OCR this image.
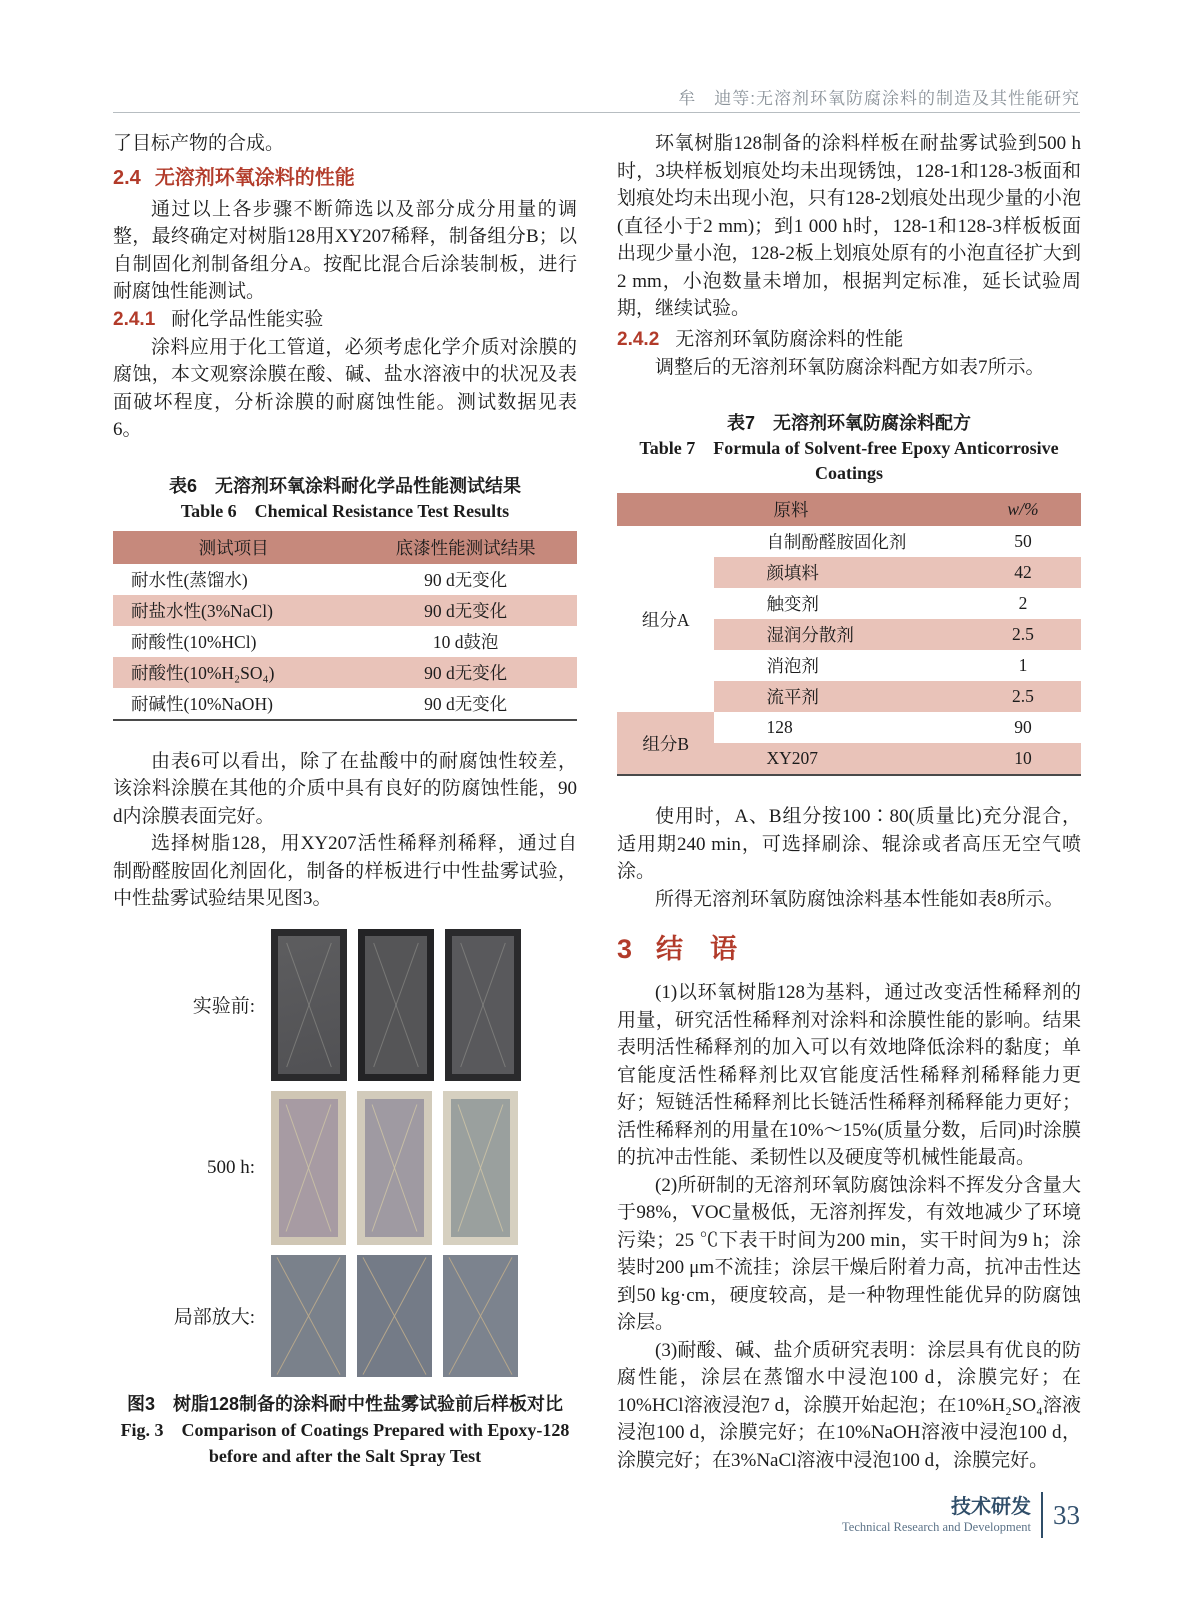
牟　迪等:无溶剂环氧防腐涂料的制造及其性能研究

了目标产物的合成。

2.4 无溶剂环氧涂料的性能

通过以上各步骤不断筛选以及部分成分用量的调整，最终确定对树脂128用XY207稀释，制备组分B；以自制固化剂制备组分A。按配比混合后涂装制板，进行耐腐蚀性能测试。

2.4.1 耐化学品性能实验

涂料应用于化工管道，必须考虑化学介质对涂膜的腐蚀，本文观察涂膜在酸、碱、盐水溶液中的状况及表面破坏程度，分析涂膜的耐腐蚀性能。测试数据见表6。

表6　无溶剂环氧涂料耐化学品性能测试结果
Table 6　Chemical Resistance Test Results
测试项目	底漆性能测试结果
耐水性(蒸馏水)	90 d无变化
耐盐水性(3%NaCl)	90 d无变化
耐酸性(10%HCl)	10 d鼓泡
耐酸性(10%H₂SO₄)	90 d无变化
耐碱性(10%NaOH)	90 d无变化

由表6可以看出，除了在盐酸中的耐腐蚀性较差，该涂料涂膜在其他的介质中具有良好的防腐蚀性能，90 d内涂膜表面完好。

选择树脂128，用XY207活性稀释剂稀释，通过自制酚醛胺固化剂固化，制备的样板进行中性盐雾试验，中性盐雾试验结果见图3。

实验前:
500 h:
局部放大:
图3　树脂128制备的涂料耐中性盐雾试验前后样板对比
Fig. 3　Comparison of Coatings Prepared with Epoxy-128
before and after the Salt Spray Test

环氧树脂128制备的涂料样板在耐盐雾试验到500 h时，3块样板划痕处均未出现锈蚀，128-1和128-3板面和划痕处均未出现小泡，只有128-2划痕处出现少量的小泡(直径小于2 mm)；到1 000 h时，128-1和128-3样板板面出现少量小泡，128-2板上划痕处原有的小泡直径扩大到2 mm，小泡数量未增加，根据判定标准，延长试验周期，继续试验。

2.4.2 无溶剂环氧防腐涂料的性能

调整后的无溶剂环氧防腐涂料配方如表7所示。

表7　无溶剂环氧防腐涂料配方
Table 7　Formula of Solvent-free Epoxy Anticorrosive
Coatings
原料		w/%
组分A	自制酚醛胺固化剂	50
	颜填料	42
	触变剂	2
	湿润分散剂	2.5
	消泡剂	1
	流平剂	2.5
组分B	128	90
	XY207	10

使用时，A、B组分按100∶80(质量比)充分混合，适用期240 min，可选择刷涂、辊涂或者高压无空气喷涂。

所得无溶剂环氧防腐蚀涂料基本性能如表8所示。

3 结　语

(1)以环氧树脂128为基料，通过改变活性稀释剂的用量，研究活性稀释剂对涂料和涂膜性能的影响。结果表明活性稀释剂的加入可以有效地降低涂料的黏度；单官能度活性稀释剂比双官能度活性稀释剂稀释能力更好；短链活性稀释剂比长链活性稀释剂稀释能力更好；活性稀释剂的用量在10%～15%(质量分数，后同)时涂膜的抗冲击性能、柔韧性以及硬度等机械性能最高。

(2)所研制的无溶剂环氧防腐蚀涂料不挥发分含量大于98%，VOC量极低，无溶剂挥发，有效地减少了环境污染；25 ℃下表干时间为200 min，实干时间为9 h；涂装时200 μm不流挂；涂层干燥后附着力高，抗冲击性达到50 kg·cm，硬度较高，是一种物理性能优异的防腐蚀涂层。

(3)耐酸、碱、盐介质研究表明：涂层具有优良的防腐性能，涂层在蒸馏水中浸泡100 d，涂膜完好；在10%HCl溶液浸泡7 d，涂膜开始起泡；在10%H₂SO₄溶液浸泡100 d，涂膜完好；在10%NaOH溶液中浸泡100 d，涂膜完好；在3%NaCl溶液中浸泡100 d，涂膜完好。

技术研发
Technical Research and Development 33
